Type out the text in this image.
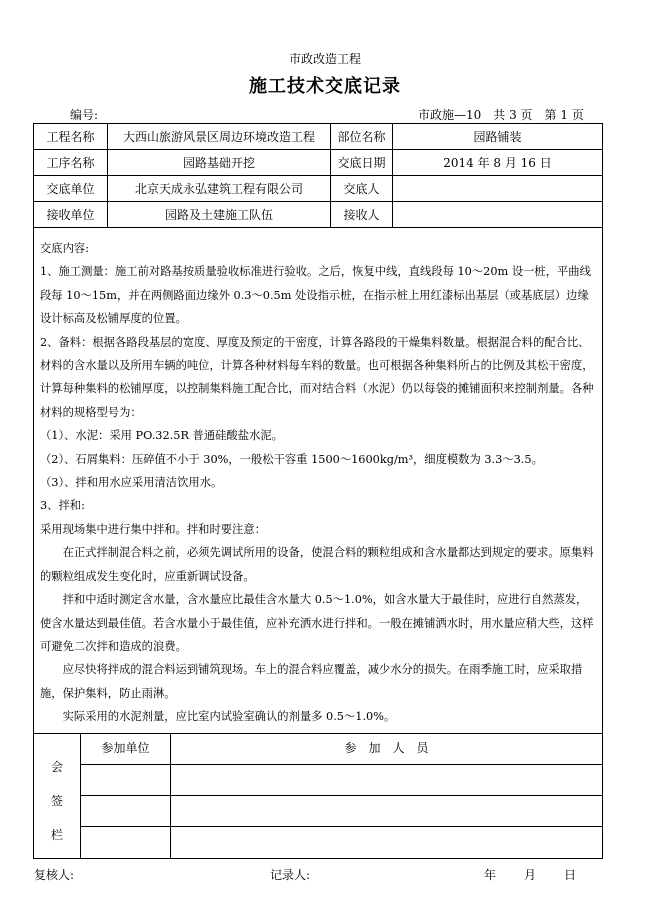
市政改造工程
施工技术交底记录
编号:	市政施—10　 共 3 页　第 1 页
工程名称	大西山旅游风景区周边环境改造工程	部位名称	园路铺装
工序名称	园路基础开挖	交底日期	2014 年 8 月 16 日
交底单位	北京天成永弘建筑工程有限公司	交底人
接收单位	园路及土建施工队伍	接收人

交底内容:

1、施工测量：施工前对路基按质量验收标准进行验收。之后，恢复中线，直线段每 10～20m 设一桩，平曲线段每 10～15m，并在两侧路面边缘外 0.3～0.5m 处设指示桩，在指示桩上用红漆标出基层（或基底层）边缘设计标高及松铺厚度的位置。

2、备料：根据各路段基层的宽度、厚度及预定的干密度，计算各路段的干燥集料数量。根据混合料的配合比、材料的含水量以及所用车辆的吨位，计算各种材料每车料的数量。也可根据各种集料所占的比例及其松干密度，计算每种集料的松铺厚度，以控制集料施工配合比，而对结合料（水泥）仍以每袋的摊铺面积来控制剂量。各种材料的规格型号为：

（1）、水泥：采用 PO.32.5R 普通硅酸盐水泥。

（2）、石屑集料：压碎值不小于 30%，一般松干容重 1500～1600kg/m³，细度模数为 3.3～3.5。

（3）、拌和用水应采用清洁饮用水。

3、拌和:

采用现场集中进行集中拌和。拌和时要注意：

在正式拌制混合料之前，必须先调试所用的设备，使混合料的颗粒组成和含水量都达到规定的要求。原集料的颗粒组成发生变化时，应重新调试设备。

拌和中适时测定含水量，含水量应比最佳含水量大 0.5～1.0%，如含水量大于最佳时，应进行自然蒸发，使含水量达到最佳值。若含水量小于最佳值，应补充洒水进行拌和。一般在摊铺洒水时，用水量应稍大些，这样可避免二次拌和造成的浪费。

应尽快将拌成的混合料运到铺筑现场。车上的混合料应覆盖，减少水分的损失。在雨季施工时，应采取措施，保护集料，防止雨淋。

实际采用的水泥剂量，应比室内试验室确认的剂量多 0.5～1.0%。

会
签
栏
参加单位	参　加　人　员
复核人:	记录人:	年 月 日
